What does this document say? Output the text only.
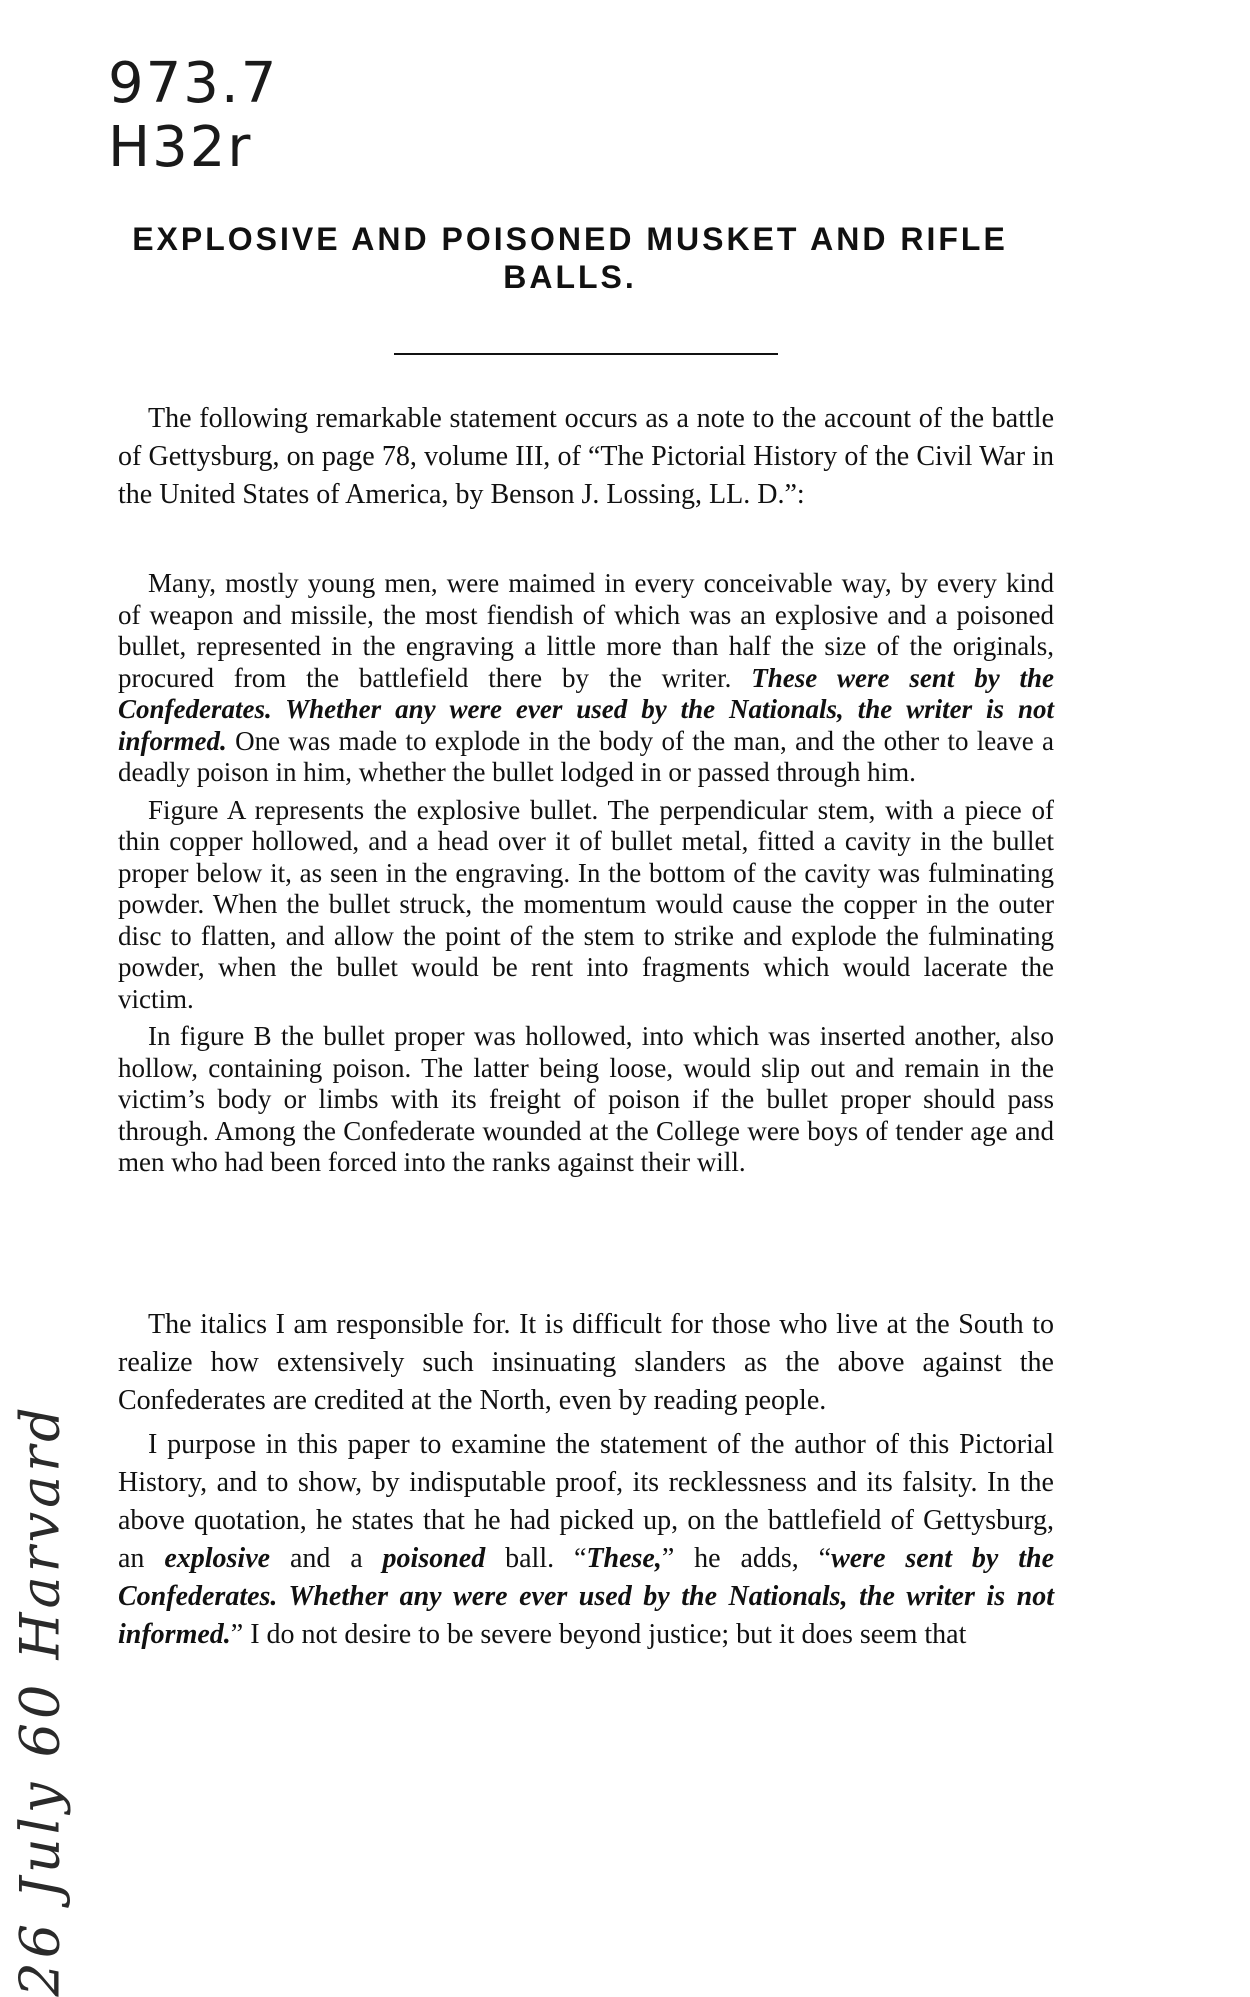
973.7
H32r
EXPLOSIVE AND POISONED MUSKET AND RIFLE BALLS.

The following remarkable statement occurs as a note to the account of the battle of Gettysburg, on page 78, volume III, of “The Pictorial History of the Civil War in the United States of America, by Benson J. Lossing, LL. D.”:

Many, mostly young men, were maimed in every conceivable way, by every kind of weapon and missile, the most fiendish of which was an explosive and a poisoned bullet, represented in the engraving a little more than half the size of the originals, procured from the battlefield there by the writer. These were sent by the Confederates. Whether any were ever used by the Nationals, the writer is not informed. One was made to explode in the body of the man, and the other to leave a deadly poison in him, whether the bullet lodged in or passed through him.

Figure A represents the explosive bullet. The perpendicular stem, with a piece of thin copper hollowed, and a head over it of bullet metal, fitted a cavity in the bullet proper below it, as seen in the engraving. In the bottom of the cavity was fulminating powder. When the bullet struck, the momentum would cause the copper in the outer disc to flatten, and allow the point of the stem to strike and explode the fulminating powder, when the bullet would be rent into fragments which would lacerate the victim.

In figure B the bullet proper was hollowed, into which was inserted another, also hollow, containing poison. The latter being loose, would slip out and remain in the victim’s body or limbs with its freight of poison if the bullet proper should pass through. Among the Confederate wounded at the College were boys of tender age and men who had been forced into the ranks against their will.

The italics I am responsible for. It is difficult for those who live at the South to realize how extensively such insinuating slanders as the above against the Confederates are credited at the North, even by reading people.

I purpose in this paper to examine the statement of the author of this Pictorial History, and to show, by indisputable proof, its recklessness and its falsity. In the above quotation, he states that he had picked up, on the battlefield of Gettysburg, an explosive and a poisoned ball. “These,” he adds, “were sent by the Confederates. Whether any were ever used by the Nationals, the writer is not informed.” I do not desire to be severe beyond justice; but it does seem that

26 July 60 Harvard
